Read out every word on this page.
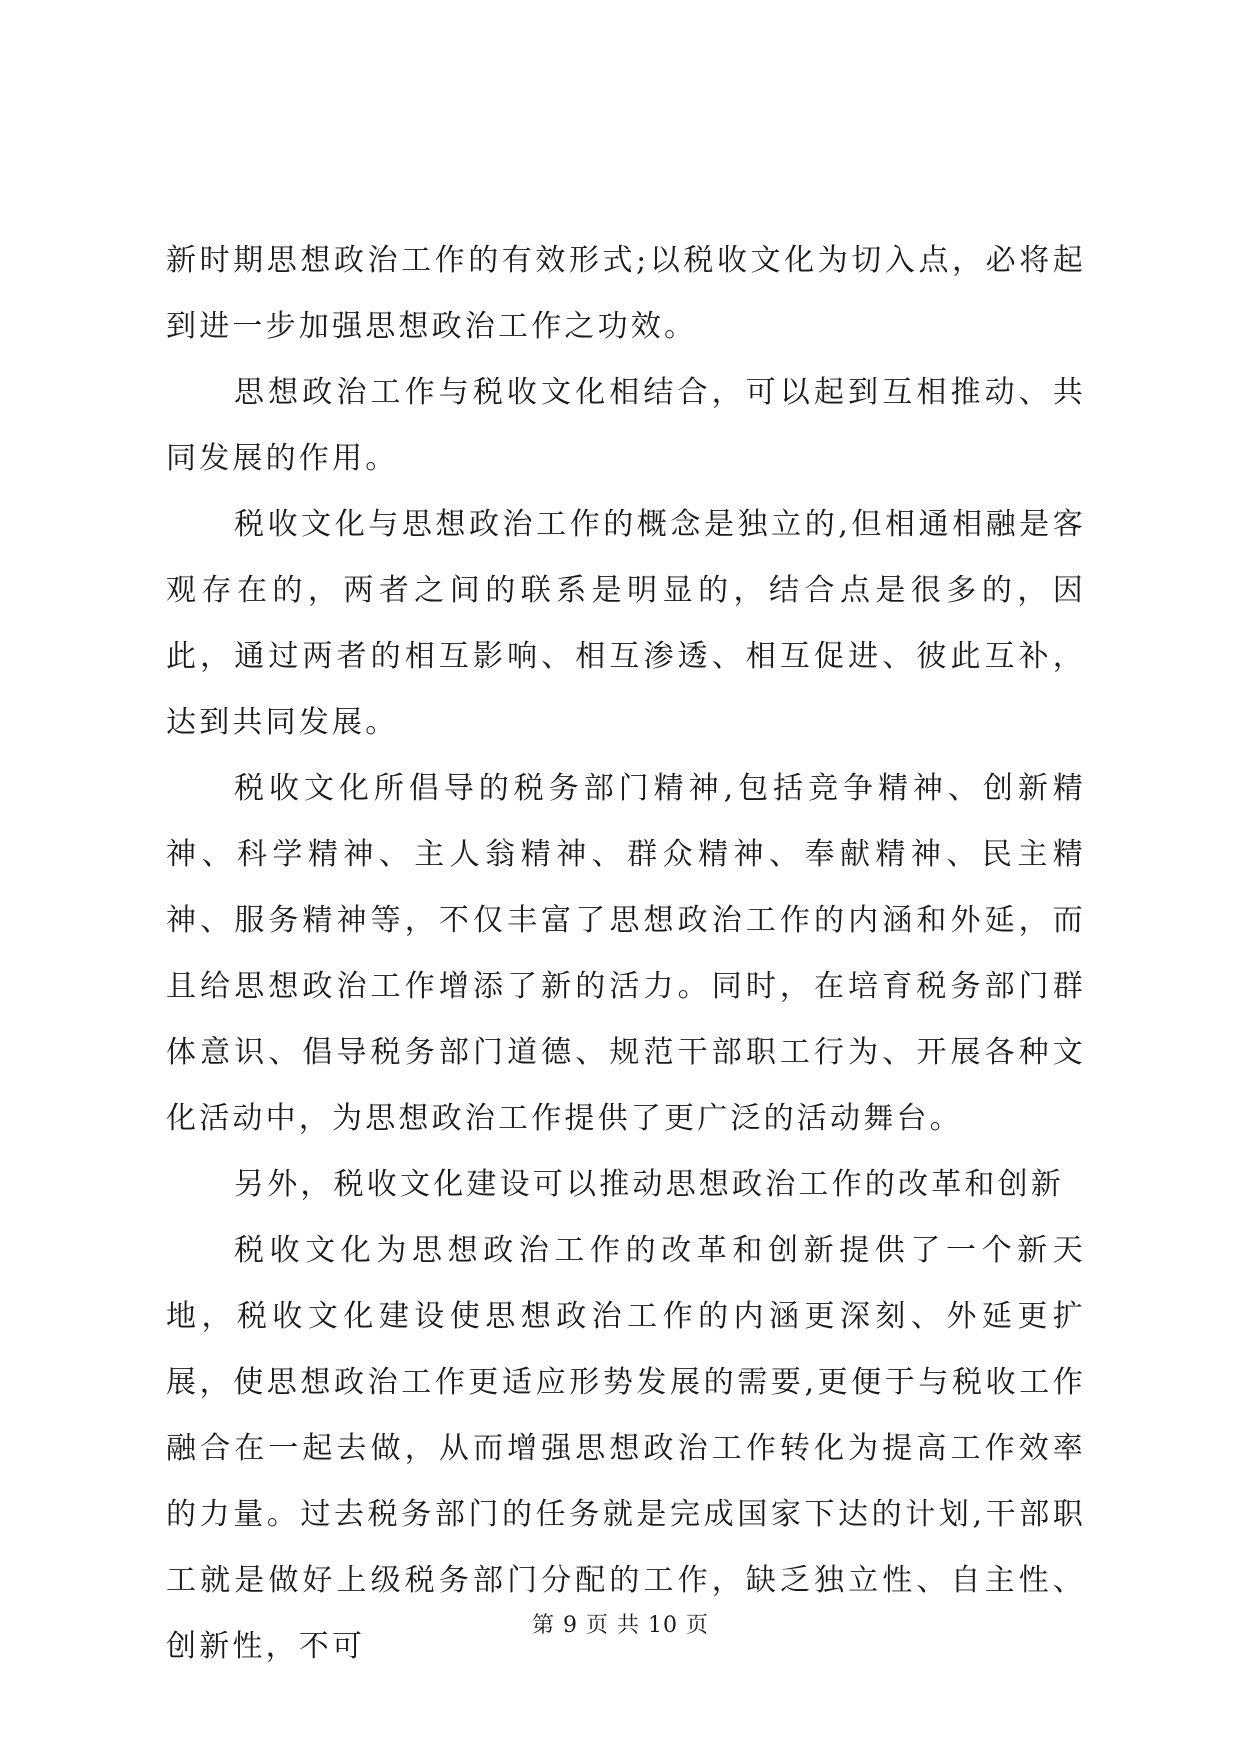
新时期思想政治工作的有效形式;以税收文化为切入点，必将起到进一步加强思想政治工作之功效。

思想政治工作与税收文化相结合，可以起到互相推动、共同发展的作用。

税收文化与思想政治工作的概念是独立的,但相通相融是客观存在的，两者之间的联系是明显的，结合点是很多的，因此，通过两者的相互影响、相互渗透、相互促进、彼此互补，达到共同发展。

税收文化所倡导的税务部门精神,包括竞争精神、创新精神、科学精神、主人翁精神、群众精神、奉献精神、民主精神、服务精神等，不仅丰富了思想政治工作的内涵和外延，而且给思想政治工作增添了新的活力。同时，在培育税务部门群体意识、倡导税务部门道德、规范干部职工行为、开展各种文化活动中，为思想政治工作提供了更广泛的活动舞台。

另外，税收文化建设可以推动思想政治工作的改革和创新

税收文化为思想政治工作的改革和创新提供了一个新天地，税收文化建设使思想政治工作的内涵更深刻、外延更扩展，使思想政治工作更适应形势发展的需要,更便于与税收工作融合在一起去做，从而增强思想政治工作转化为提高工作效率的力量。过去税务部门的任务就是完成国家下达的计划,干部职工就是做好上级税务部门分配的工作，缺乏独立性、自主性、创新性，不可

第 9 页 共 10 页
